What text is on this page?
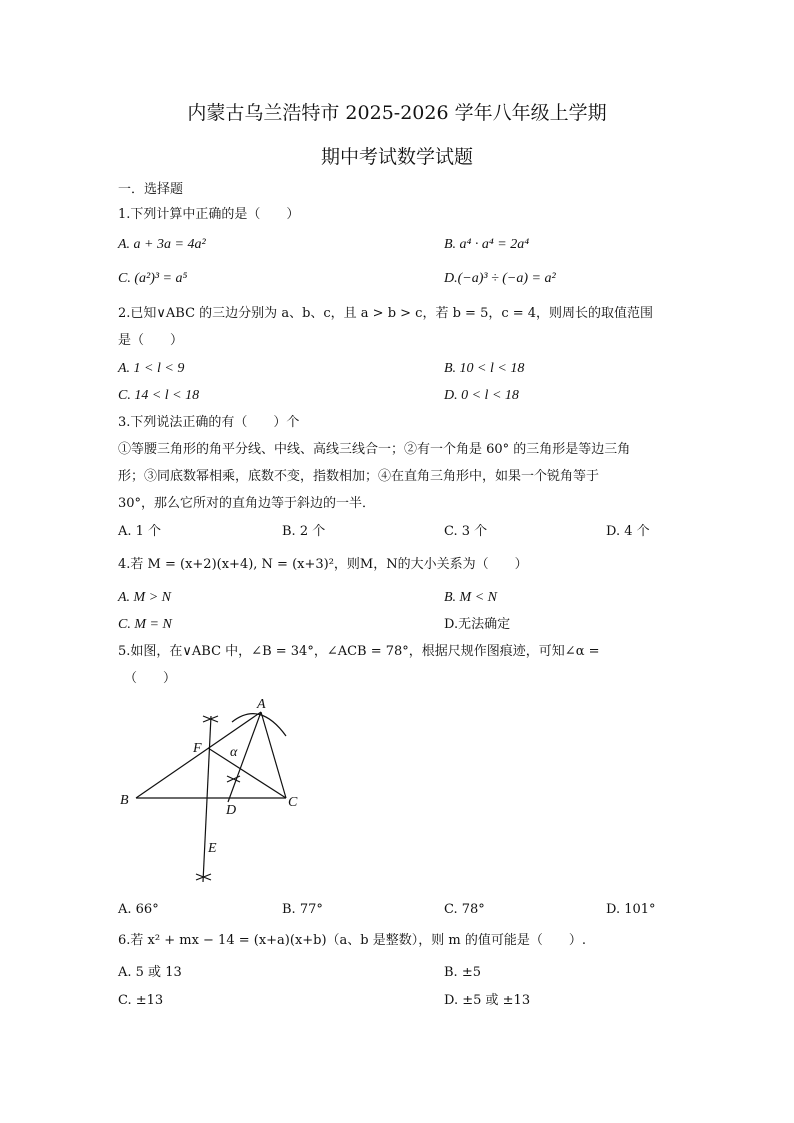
内蒙古乌兰浩特市 2025-2026 学年八年级上学期
期中考试数学试题
一．选择题
1.下列计算中正确的是（　　）
A. a + 3a = 4a²	B. a⁴ · a⁴ = 2a⁴
C. (a²)³ = a⁵	D.(−a)³ ÷ (−a) = a²
2.已知∨ABC 的三边分别为 a、b、c，且 a > b > c，若 b = 5，c = 4，则周长的取值范围
是（　　）
A. 1 < l < 9	B. 10 < l < 18
C. 14 < l < 18	D. 0 < l < 18
3.下列说法正确的有（　　）个
①等腰三角形的角平分线、中线、高线三线合一；②有一个角是 60° 的三角形是等边三角
形；③同底数幂相乘，底数不变，指数相加；④在直角三角形中，如果一个锐角等于
30°，那么它所对的直角边等于斜边的一半．
A. 1 个	B. 2 个	C. 3 个	D. 4 个
4.若 M = (x+2)(x+4), N = (x+3)²，则M，N的大小关系为（　　）
A. M > N	B. M < N
C. M = N	D.无法确定
5.如图，在∨ABC 中，∠B = 34°，∠ACB = 78°，根据尺规作图痕迹，可知∠α =
（　　）
A
B	C
D
E
F α
A. 66°	B. 77°	C. 78°	D. 101°
6.若 x² + mx − 14 = (x+a)(x+b)（a、b 是整数），则 m 的值可能是（　　）.
A. 5 或 13	B. ±5
C. ±13	D. ±5 或 ±13
